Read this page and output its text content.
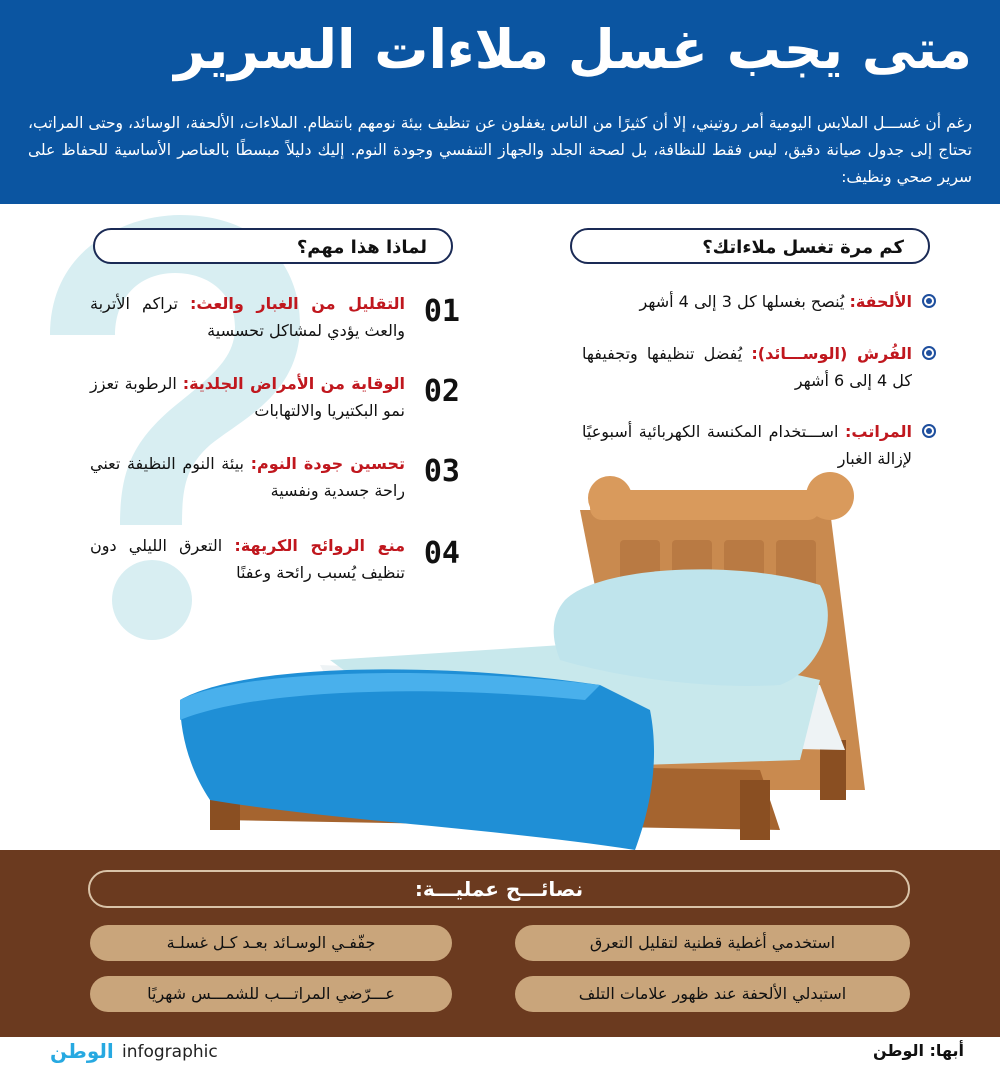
متى يجب غسل ملاءات السرير
رغم أن غســـل الملابس اليومية أمر روتيني، إلا أن كثيرًا من الناس يغفلون عن تنظيف بيئة نومهم بانتظام. الملاءات، الألحفة، الوسائد، وحتى المراتب، تحتاج إلى جدول صيانة دقيق، ليس فقط للنظافة، بل لصحة الجلد والجهاز التنفسي وجودة النوم. إليك دليلاً مبسطًا بالعناصر الأساسية للحفاظ على سرير صحي ونظيف:
لماذا هذا مهم؟	كم مرة تغسل ملاءاتك؟
01
التقليل من الغبار والعث: تراكم الأتربة والعث يؤدي لمشاكل تحسسية
02
الوقاية من الأمراض الجلدية: الرطوبة تعزز نمو البكتيريا والالتهابات
03
تحسين جودة النوم: بيئة النوم النظيفة تعني راحة جسدية ونفسية
04
منع الروائح الكريهة: التعرق الليلي دون تنظيف يُسبب رائحة وعفنًا
الألحفة: يُنصح بغسلها كل 3 إلى 4 أشهر
الفُرش (الوســـائد): يُفضل تنظيفها وتجفيفها كل 4 إلى 6 أشهر
المراتب: اســـتخدام المكنسة الكهربائية أسبوعيًا لإزالة الغبار
نصائـــح عمليـــة:
استخدمي أغطية قطنية لتقليل التعرق
جفّفـي الوسـائد بعـد كـل غسلـة
استبدلي الألحفة عند ظهور علامات التلف
عـــرّضي المراتـــب للشمـــس شهريًا
الوطن infographic	أبها: الوطن
